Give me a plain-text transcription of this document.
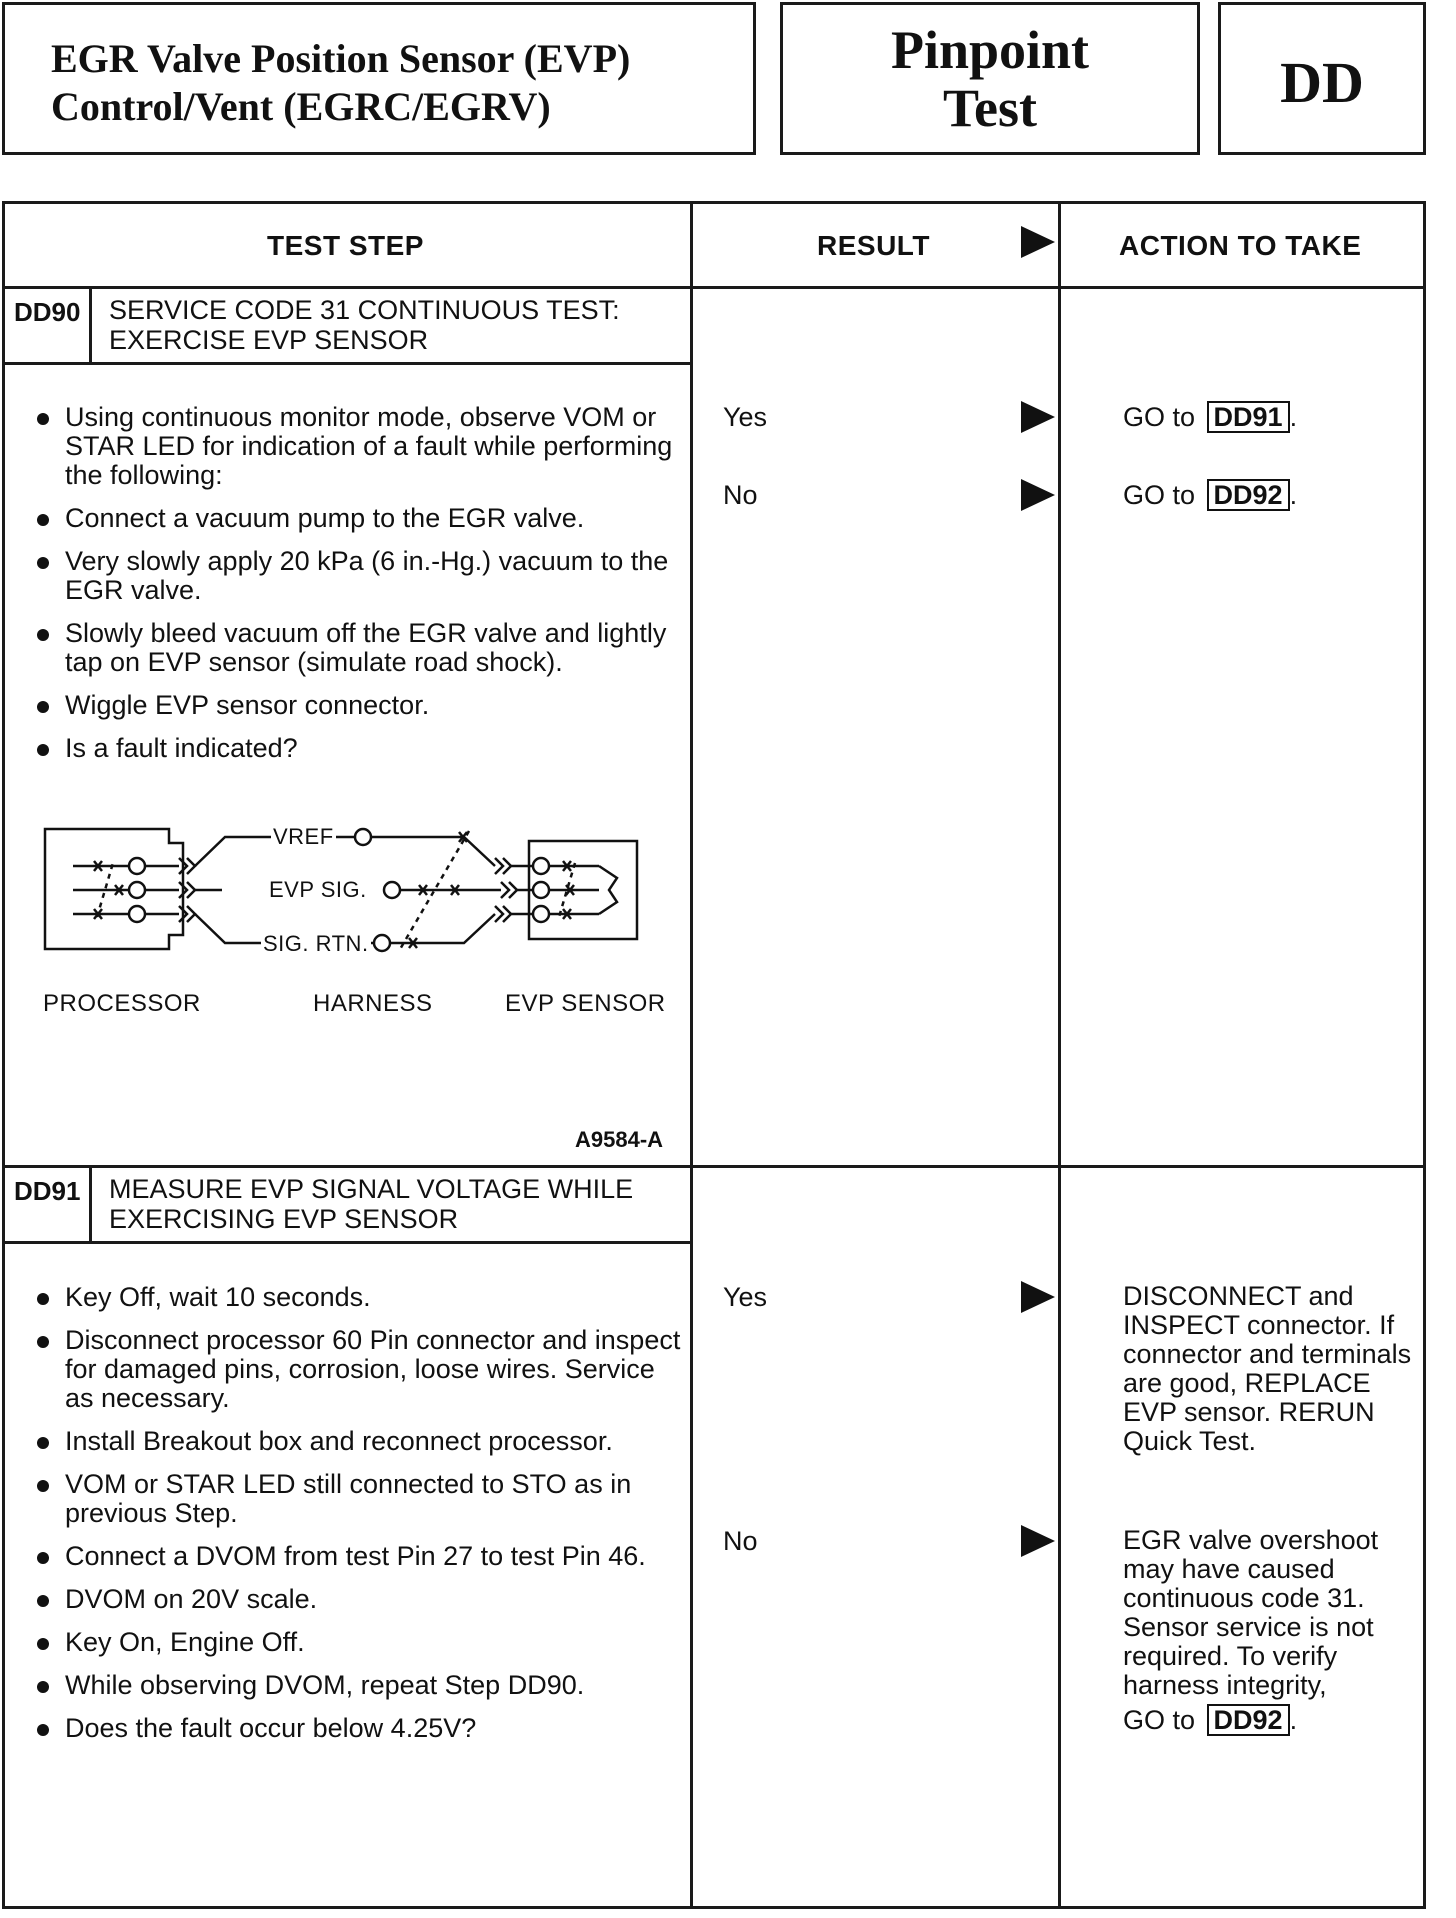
EGR Valve Position Sensor (EVP)
Control/Vent (EGRC/EGRV)
Pinpoint
Test	DD
TEST STEP	RESULT	ACTION TO TAKE
DD90	SERVICE CODE 31 CONTINUOUS TEST: EXERCISE EVP SENSOR
Using continuous monitor mode, observe VOM or STAR LED for indication of a fault while performing the following:
Connect a vacuum pump to the EGR valve.
Very slowly apply 20 kPa (6 in.-Hg.) vacuum to the EGR valve.
Slowly bleed vacuum off the EGR valve and lightly tap on EVP sensor (simulate road shock).
Wiggle EVP sensor connector.
Is a fault indicated?
VREF
EVP SIG.
SIG. RTN.
PROCESSOR	HARNESS	EVP SENSOR
A9584-A
Yes	GO to DD91 .
No	GO to DD92 .
DD91	MEASURE EVP SIGNAL VOLTAGE WHILE EXERCISING EVP SENSOR
Key Off, wait 10 seconds.
Disconnect processor 60 Pin connector and inspect for damaged pins, corrosion, loose wires. Service as necessary.
Install Breakout box and reconnect processor.
VOM or STAR LED still connected to STO as in previous Step.
Connect a DVOM from test Pin 27 to test Pin 46.
DVOM on 20V scale.
Key On, Engine Off.
While observing DVOM, repeat Step DD90.
Does the fault occur below 4.25V?
Yes	DISCONNECT and INSPECT connector. If connector and terminals are good, REPLACE EVP sensor. RERUN Quick Test.
No	EGR valve overshoot may have caused continuous code 31. Sensor service is not required. To verify harness integrity,
GO to DD92 .
